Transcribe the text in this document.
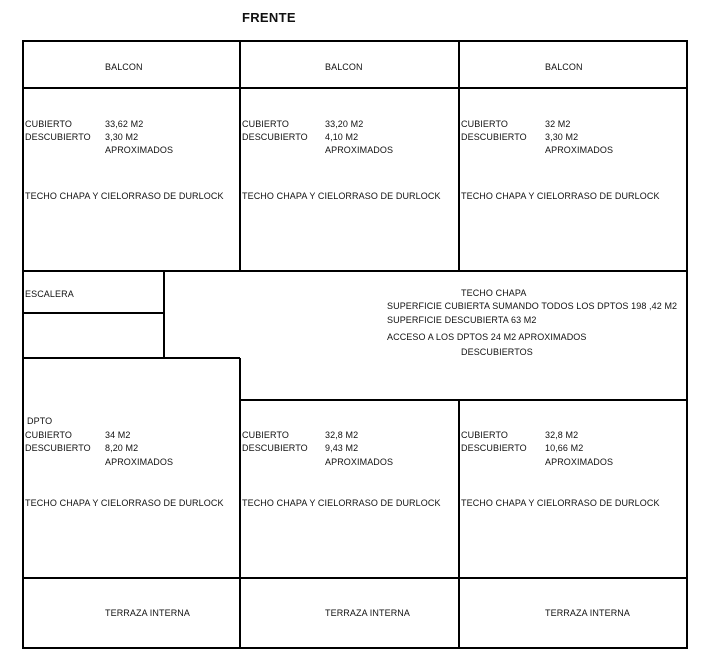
FRENTE
BALCON	BALCON	BALCON
CUBIERTO	33,62 M2
DESCUBIERTO 3,30 M2
APROXIMADOS
TECHO CHAPA Y CIELORRASO DE DURLOCK
CUBIERTO	33,20 M2
DESCUBIERTO 4,10 M2
APROXIMADOS
TECHO CHAPA Y CIELORRASO DE DURLOCK
CUBIERTO	32 M2
DESCUBIERTO 3,30 M2
APROXIMADOS
TECHO CHAPA Y CIELORRASO DE DURLOCK
ESCALERA	TECHO CHAPA
SUPERFICIE CUBIERTA SUMANDO TODOS LOS DPTOS 198 ,42 M2
SUPERFICIE DESCUBIERTA 63 M2
ACCESO A LOS DPTOS 24 M2 APROXIMADOS
DESCUBIERTOS
DPTO
CUBIERTO	34 M2
DESCUBIERTO 8,20 M2
APROXIMADOS
TECHO CHAPA Y CIELORRASO DE DURLOCK
CUBIERTO	32,8 M2
DESCUBIERTO 9,43 M2
APROXIMADOS
TECHO CHAPA Y CIELORRASO DE DURLOCK
CUBIERTO	32,8 M2
DESCUBIERTO 10,66 M2
APROXIMADOS
TECHO CHAPA Y CIELORRASO DE DURLOCK
TERRAZA INTERNA	TERRAZA INTERNA	TERRAZA INTERNA
